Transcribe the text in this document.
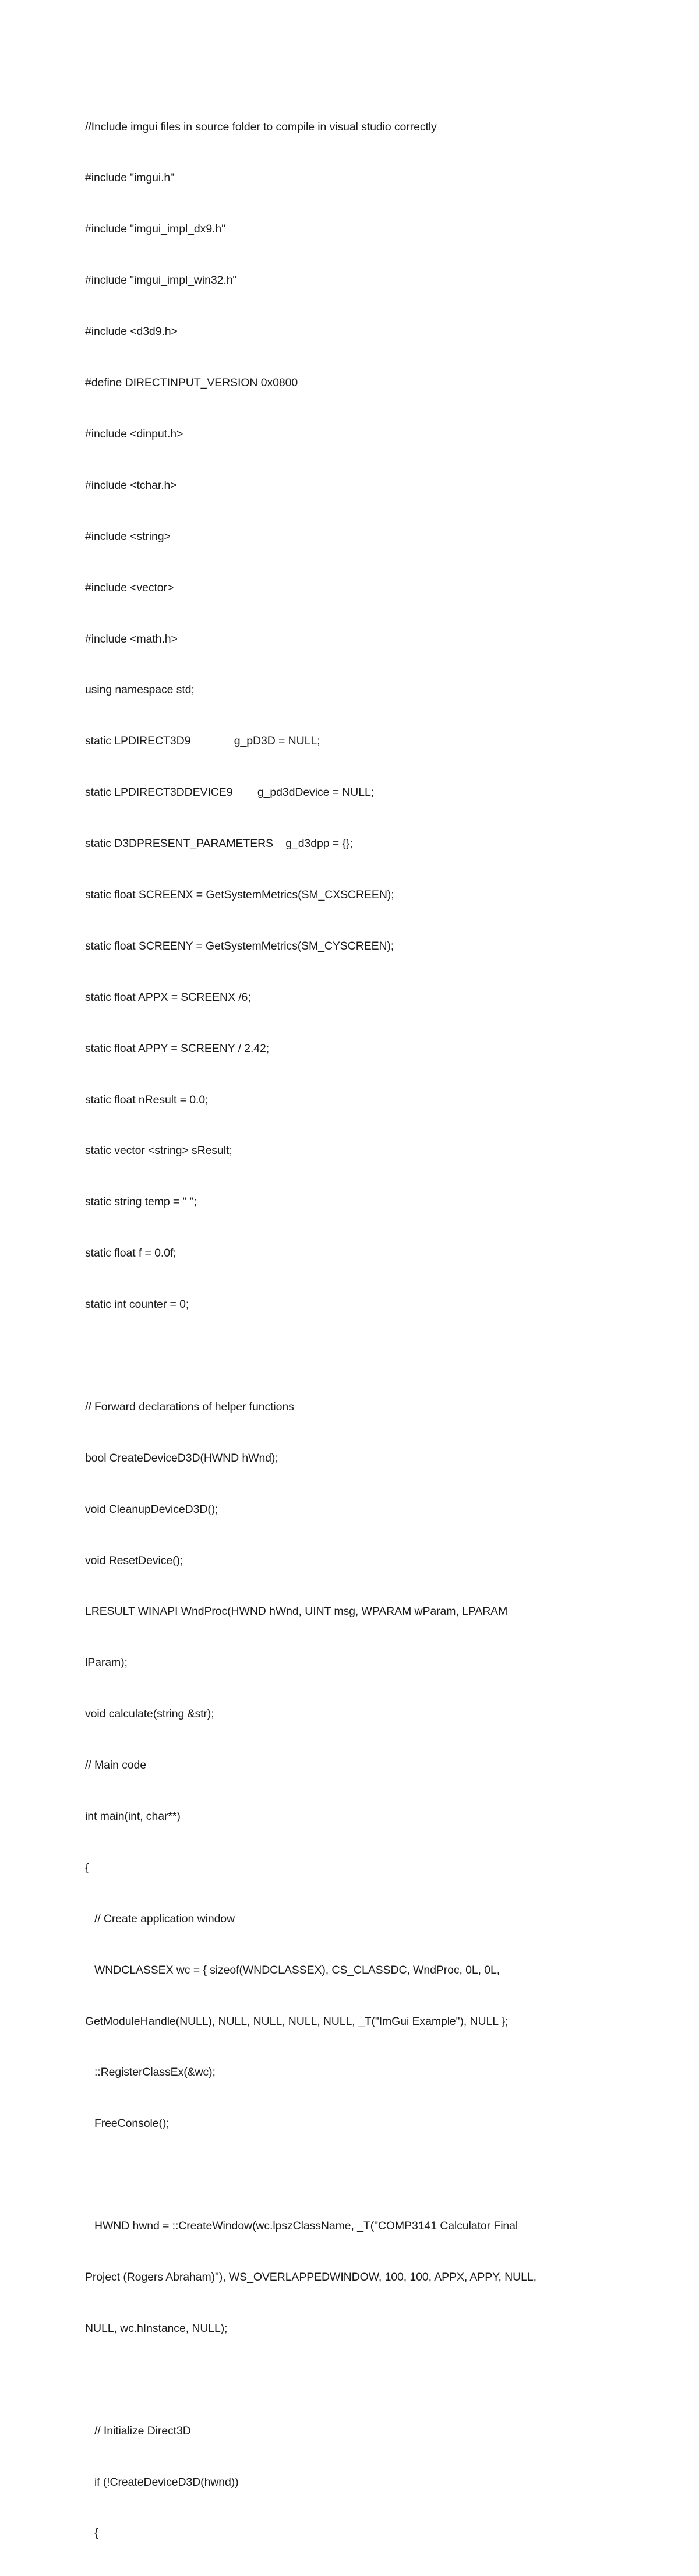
//Include imgui files in source folder to compile in visual studio correctly

#include "imgui.h"

#include "imgui_impl_dx9.h"

#include "imgui_impl_win32.h"

#include <d3d9.h>

#define DIRECTINPUT_VERSION 0x0800

#include <dinput.h>

#include <tchar.h>

#include <string>

#include <vector>

#include <math.h>

using namespace std;

static LPDIRECT3D9              g_pD3D = NULL;

static LPDIRECT3DDEVICE9        g_pd3dDevice = NULL;

static D3DPRESENT_PARAMETERS    g_d3dpp = {};

static float SCREENX = GetSystemMetrics(SM_CXSCREEN);

static float SCREENY = GetSystemMetrics(SM_CYSCREEN);

static float APPX = SCREENX /6;

static float APPY = SCREENY / 2.42;

static float nResult = 0.0;

static vector <string> sResult;

static string temp = " ";

static float f = 0.0f;

static int counter = 0;

// Forward declarations of helper functions

bool CreateDeviceD3D(HWND hWnd);

void CleanupDeviceD3D();

void ResetDevice();

LRESULT WINAPI WndProc(HWND hWnd, UINT msg, WPARAM wParam, LPARAM

lParam);

void calculate(string &str);

// Main code

int main(int, char**)

{

// Create application window

WNDCLASSEX wc = { sizeof(WNDCLASSEX), CS_CLASSDC, WndProc, 0L, 0L,

GetModuleHandle(NULL), NULL, NULL, NULL, NULL, _T("ImGui Example"), NULL };

::RegisterClassEx(&wc);

FreeConsole();

HWND hwnd = ::CreateWindow(wc.lpszClassName, _T("COMP3141 Calculator Final

Project (Rogers Abraham)"), WS_OVERLAPPEDWINDOW, 100, 100, APPX, APPY, NULL,

NULL, wc.hInstance, NULL);

// Initialize Direct3D

if (!CreateDeviceD3D(hwnd))

{
